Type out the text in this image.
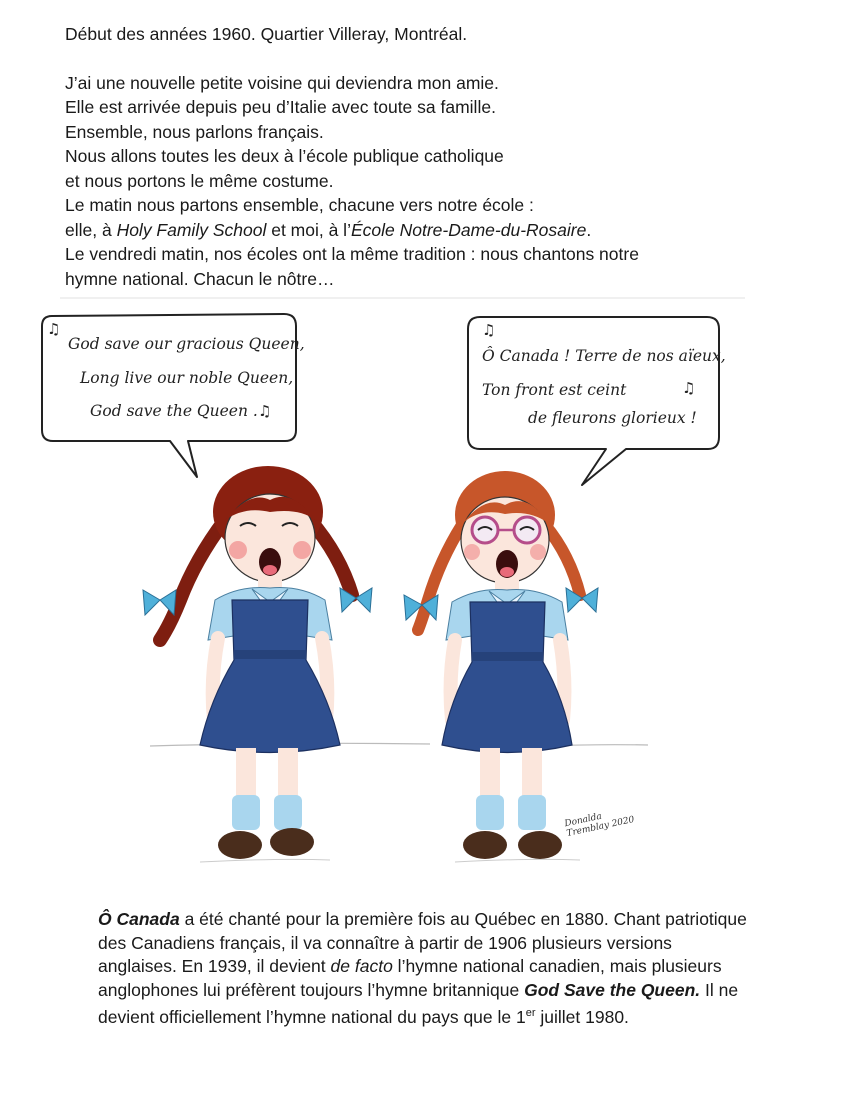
Début des années 1960. Quartier Villeray, Montréal.

J’ai une nouvelle petite voisine qui deviendra mon amie.

Elle est arrivée depuis peu d’Italie avec toute sa famille.

Ensemble, nous parlons français.

Nous allons toutes les deux à l’école publique catholique

et nous portons le même costume.

Le matin nous partons ensemble, chacune vers notre école :

elle, à Holy Family School et moi, à l’École Notre-Dame-du-Rosaire.

Le vendredi matin, nos écoles ont la même tradition : nous chantons notre

hymne national. Chacun le nôtre…

♫
God save our gracious Queen,
Long live our noble Queen,
God save the Queen . ♫
♫
Ô Canada ! Terre de nos aïeux,
Ton front est ceint	♫
de fleurons glorieux !
Donalda Tremblay 2020

Ô Canada a été chanté pour la première fois au Québec en 1880. Chant patriotique des Canadiens français, il va connaître à partir de 1906 plusieurs versions anglaises. En 1939, il devient de facto l’hymne national canadien, mais plusieurs anglophones lui préfèrent toujours l’hymne britannique God Save the Queen. Il ne devient officiellement l’hymne national du pays que le 1er juillet 1980.
